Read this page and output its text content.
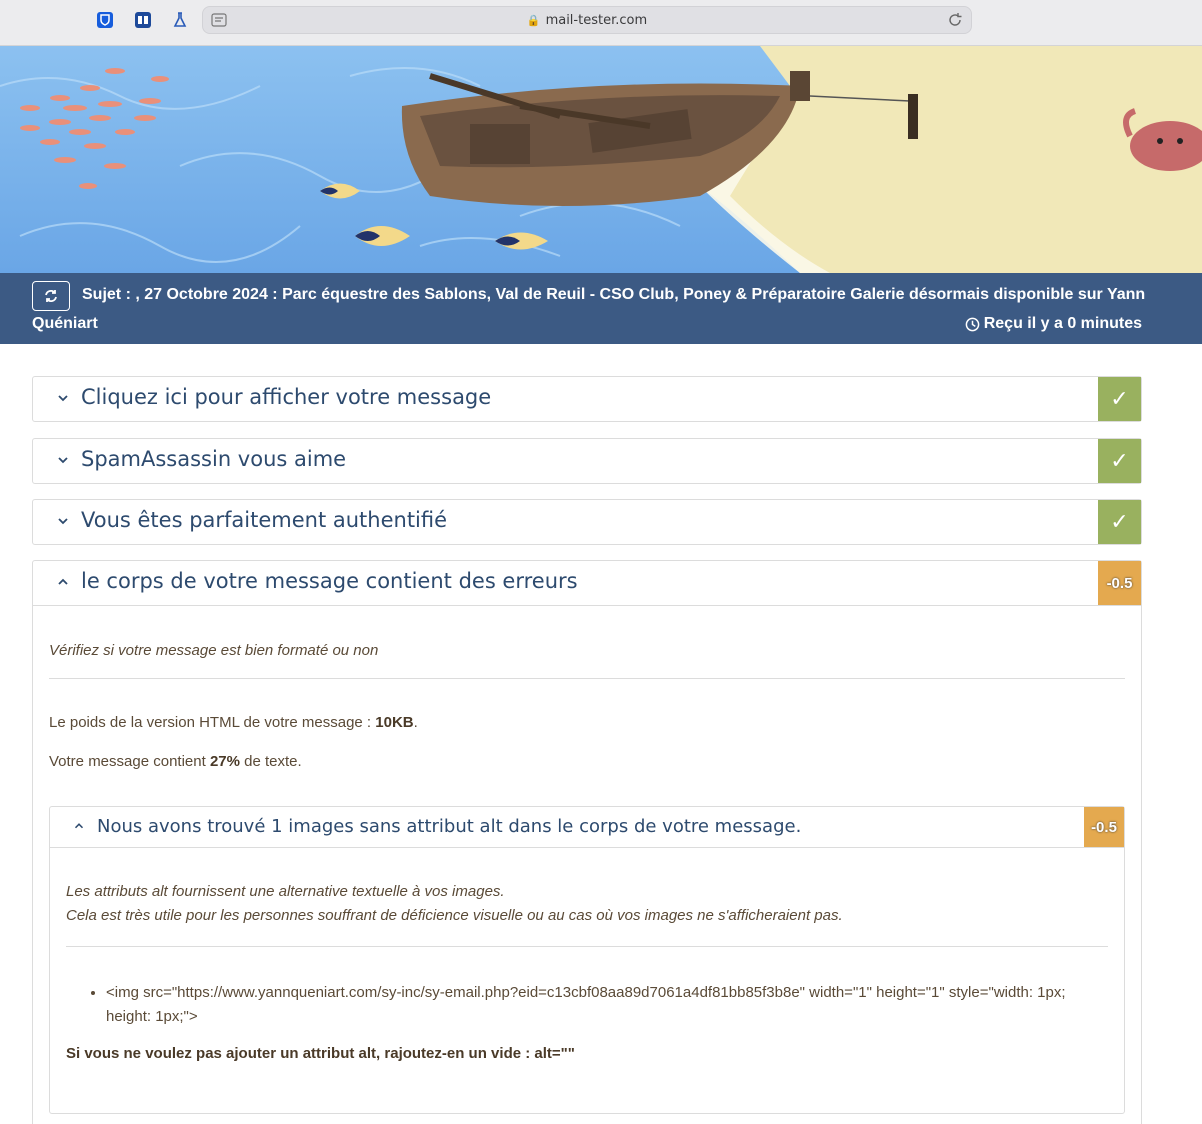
🔒 mail-tester.com
Sujet : , 27 Octobre 2024 : Parc équestre des Sablons, Val de Reuil - CSO Club, Poney & Préparatoire Galerie désormais disponible sur Yann
Quéniart	Reçu il y a 0 minutes
Cliquez ici pour afficher votre message	✓
SpamAssassin vous aime	✓
Vous êtes parfaitement authentifié	✓
le corps de votre message contient des erreurs	-0.5

Vérifiez si votre message est bien formaté ou non

Le poids de la version HTML de votre message : 10KB.

Votre message contient 27% de texte.

Nous avons trouvé 1 images sans attribut alt dans le corps de votre message.	-0.5
Les attributs alt fournissent une alternative textuelle à vos images.
Cela est très utile pour les personnes souffrant de déficience visuelle ou au cas où vos images ne s'afficheraient pas.
• <img src="https://www.yannqueniart.com/sy-inc/sy-email.php?eid=c13cbf08aa89d7061a4df81bb85f3b8e" width="1" height="1" style="width: 1px; height: 1px;">

Si vous ne voulez pas ajouter un attribut alt, rajoutez-en un vide : alt=""
